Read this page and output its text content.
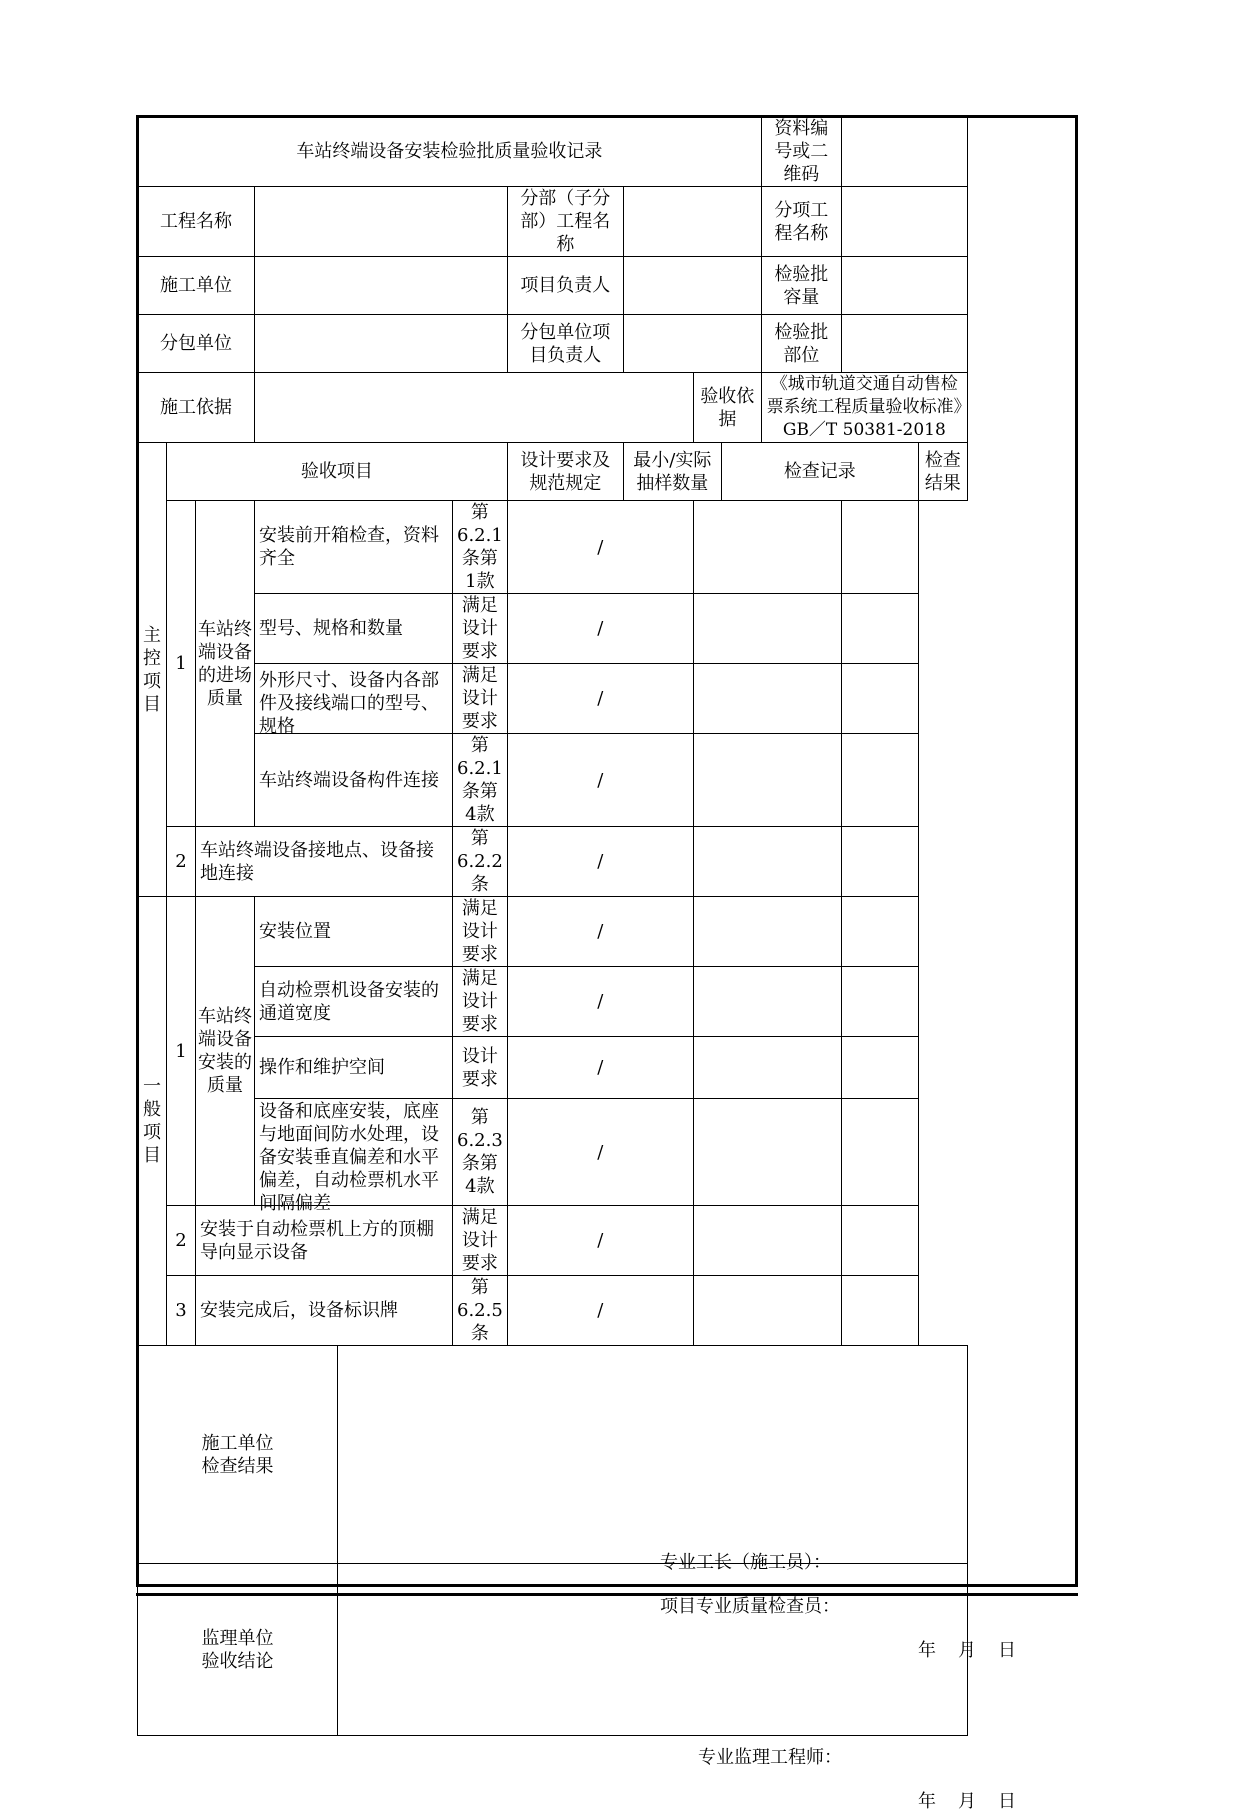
车站终端设备安装检验批质量验收记录										资料编号或二维码		
工程名称						分部（子分部）工程名称				分项工程名称		
施工单位						项目负责人				检验批容量		
分包单位						分包单位项目负责人				检验批部位		
施工依据								验收依据		《城市轨道交通自动售检票系统工程质量验收标准》GB／T 50381-2018		
主控项目	验收项目					设计要求及规范规定	最小/实际抽样数量		检查记录			检查结果
	1	车站终端设备的进场质量	安装前开箱检查，资料齐全		第6.2.1条第1款	/						
			型号、规格和数量		满足设计要求	/						

			外形尺寸、设备内各部件及接线端口的型号、规格		满足设计要求	/						
			车站终端设备构件连接		第6.2.1条第4款	/						
	2	车站终端设备接地点、设备接地连接			第6.2.2条	/						
一般项目	1	车站终端设备安装的质量	安装位置		满足设计要求	/						
			自动检票机设备安装的通道宽度		满足设计要求	/						
			操作和维护空间		设计要求	/						

			设备和底座安装，底座与地面间防水处理，设备安装垂直偏差和水平偏差，自动检票机水平间隔偏差		第6.2.3条第4款	/						
	2	安装于自动检票机上方的顶棚导向显示设备			满足设计要求	/						
	3	安装完成后，设备标识牌			第6.2.5条	/						
施工单位检查结果				专业工长（施工员）：
项目专业质量检查员：
年 月 日								

监理单位验收结论				专业监理工程师：
年 月 日								
